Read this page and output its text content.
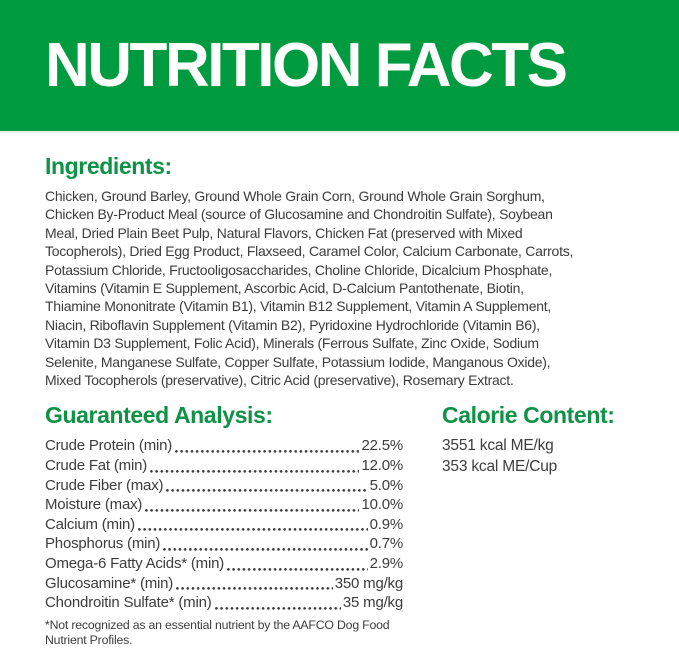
NUTRITION FACTS
Ingredients:
Chicken, Ground Barley, Ground Whole Grain Corn, Ground Whole Grain Sorghum,
Chicken By-Product Meal (source of Glucosamine and Chondroitin Sulfate), Soybean
Meal, Dried Plain Beet Pulp, Natural Flavors, Chicken Fat (preserved with Mixed
Tocopherols), Dried Egg Product, Flaxseed, Caramel Color, Calcium Carbonate, Carrots,
Potassium Chloride, Fructooligosaccharides, Choline Chloride, Dicalcium Phosphate,
Vitamins (Vitamin E Supplement, Ascorbic Acid, D-Calcium Pantothenate, Biotin,
Thiamine Mononitrate (Vitamin B1), Vitamin B12 Supplement, Vitamin A Supplement,
Niacin, Riboflavin Supplement (Vitamin B2), Pyridoxine Hydrochloride (Vitamin B6),
Vitamin D3 Supplement, Folic Acid), Minerals (Ferrous Sulfate, Zinc Oxide, Sodium
Selenite, Manganese Sulfate, Copper Sulfate, Potassium Iodide, Manganous Oxide),
Mixed Tocopherols (preservative), Citric Acid (preservative), Rosemary Extract.
Guaranteed Analysis:
Crude Protein (min)	22.5%
Crude Fat (min)	12.0%
Crude Fiber (max)	5.0%
Moisture (max)	10.0%
Calcium (min)	0.9%
Phosphorus (min)	0.7%
Omega-6 Fatty Acids* (min)	2.9%
Glucosamine* (min)	350 mg/kg
Chondroitin Sulfate* (min)	35 mg/kg
*Not recognized as an essential nutrient by the AAFCO Dog Food
Nutrient Profiles.
Calorie Content:
3551 kcal ME/kg
353 kcal ME/Cup
